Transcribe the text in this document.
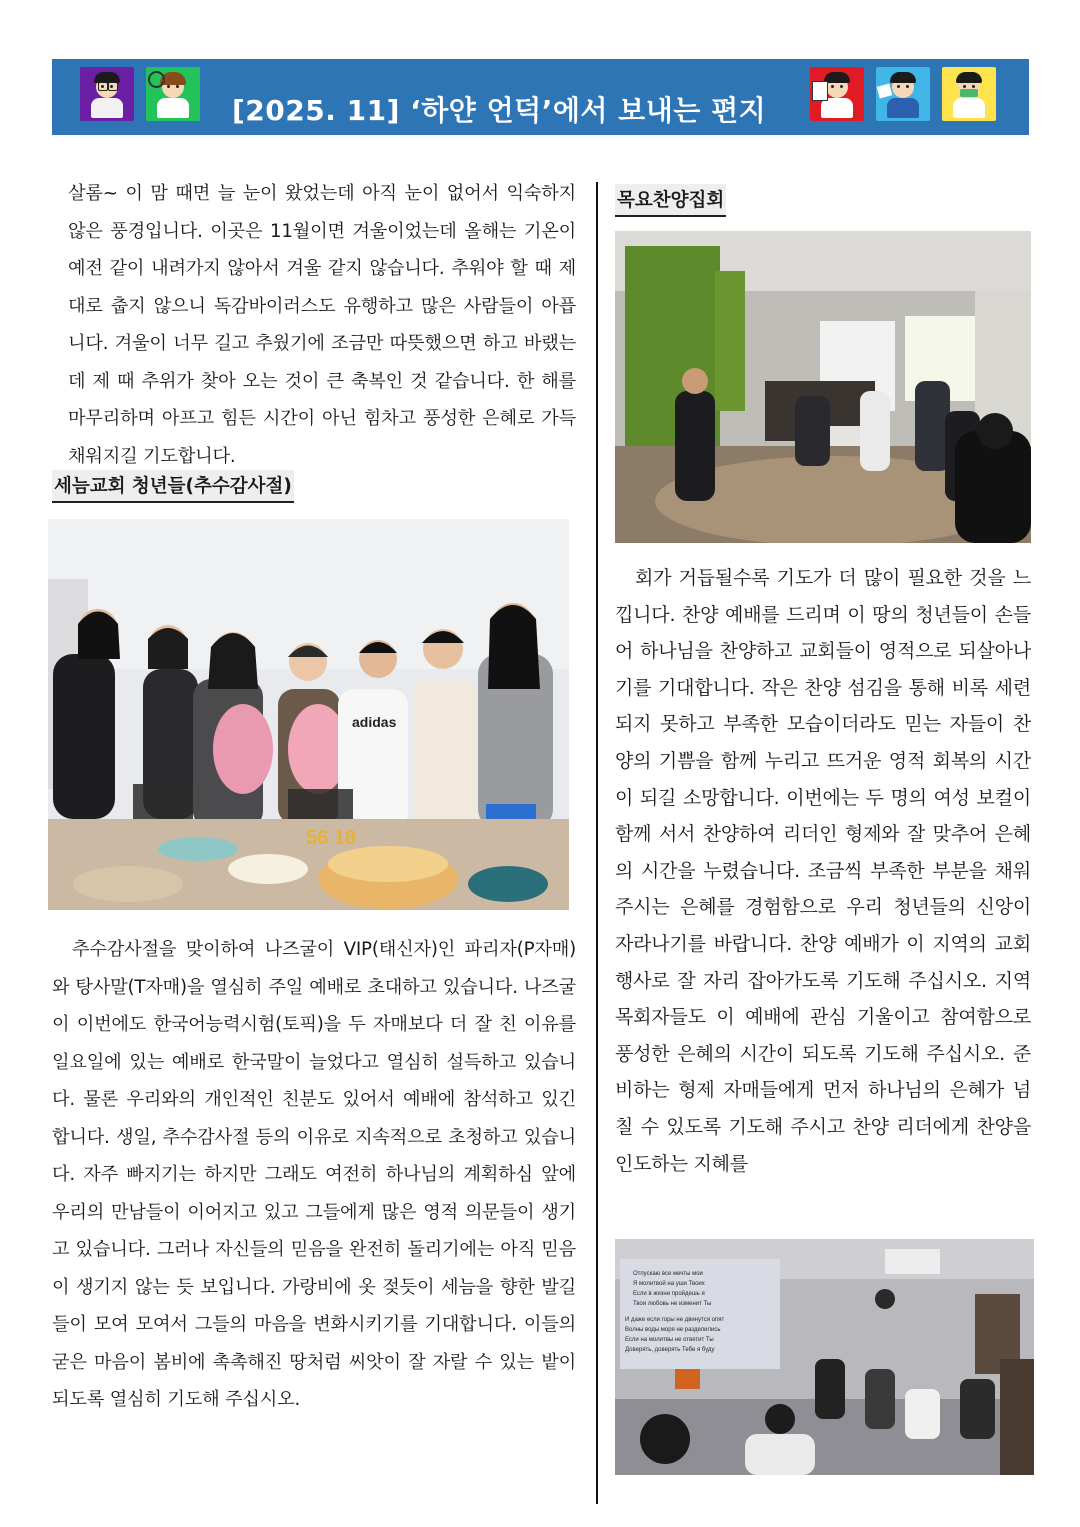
[2025. 11] ‘하얀 언덕’에서 보내는 편지

살롬~ 이 맘 때면 늘 눈이 왔었는데 아직 눈이 없어서 익숙하지 않은 풍경입니다. 이곳은 11월이면 겨울이었는데 올해는 기온이 예전 같이 내려가지 않아서 겨울 같지 않습니다. 추워야 할 때 제대로 춥지 않으니 독감바이러스도 유행하고 많은 사람들이 아픕니다. 겨울이 너무 길고 추웠기에 조금만 따뜻했으면 하고 바랬는데 제 때 추위가 찾아 오는 것이 큰 축복인 것 같습니다. 한 해를 마무리하며 아프고 힘든 시간이 아닌 힘차고 풍성한 은혜로 가득 채워지길 기도합니다.

세늠교회 청년들(추수감사절)
adidas
56 18

추수감사절을 맞이하여 나즈굴이 VIP(태신자)인 파리자(P자매)와 탕사말(T자매)을 열심히 주일 예배로 초대하고 있습니다. 나즈굴이 이번에도 한국어능력시험(토픽)을 두 자매보다 더 잘 친 이유를 일요일에 있는 예배로 한국말이 늘었다고 열심히 설득하고 있습니다. 물론 우리와의 개인적인 친분도 있어서 예배에 참석하고 있긴 합니다. 생일, 추수감사절 등의 이유로 지속적으로 초청하고 있습니다. 자주 빠지기는 하지만 그래도 여전히 하나님의 계획하심 앞에 우리의 만남들이 이어지고 있고 그들에게 많은 영적 의문들이 생기고 있습니다. 그러나 자신들의 믿음을 완전히 돌리기에는 아직 믿음이 생기지 않는 듯 보입니다. 가랑비에 옷 젖듯이 세늠을 향한 발길들이 모여 모여서 그들의 마음을 변화시키기를 기대합니다. 이들의 굳은 마음이 봄비에 촉촉해진 땅처럼 씨앗이 잘 자랄 수 있는 밭이 되도록 열심히 기도해 주십시오.

목요찬양집회

회가 거듭될수록 기도가 더 많이 필요한 것을 느낍니다. 찬양 예배를 드리며 이 땅의 청년들이 손들어 하나님을 찬양하고 교회들이 영적으로 되살아나기를 기대합니다. 작은 찬양 섬김을 통해 비록 세련되지 못하고 부족한 모습이더라도 믿는 자들이 찬양의 기쁨을 함께 누리고 뜨거운 영적 회복의 시간이 되길 소망합니다. 이번에는 두 명의 여성 보컬이 함께 서서 찬양하여 리더인 형제와 잘 맞추어 은혜의 시간을 누렸습니다. 조금씩 부족한 부분을 채워 주시는 은혜를 경험함으로 우리 청년들의 신앙이 자라나기를 바랍니다. 찬양 예배가 이 지역의 교회 행사로 잘 자리 잡아가도록 기도해 주십시오. 지역 목회자들도 이 예배에 관심 기울이고 참여함으로 풍성한 은혜의 시간이 되도록 기도해 주십시오. 준비하는 형제 자매들에게 먼저 하나님의 은혜가 넘칠 수 있도록 기도해 주시고 찬양 리더에게 찬양을 인도하는 지혜를

Отпускаю все мечты мои
Я молитвой на уши Твоих
Если в жизни пройдешь я
Твои любовь не изменит Ты
И даже если горы не двинутся опят
Волны воды моря не разделились
Если на молитвы не ответит Ты
Доверять, доверять Тебе я буду
